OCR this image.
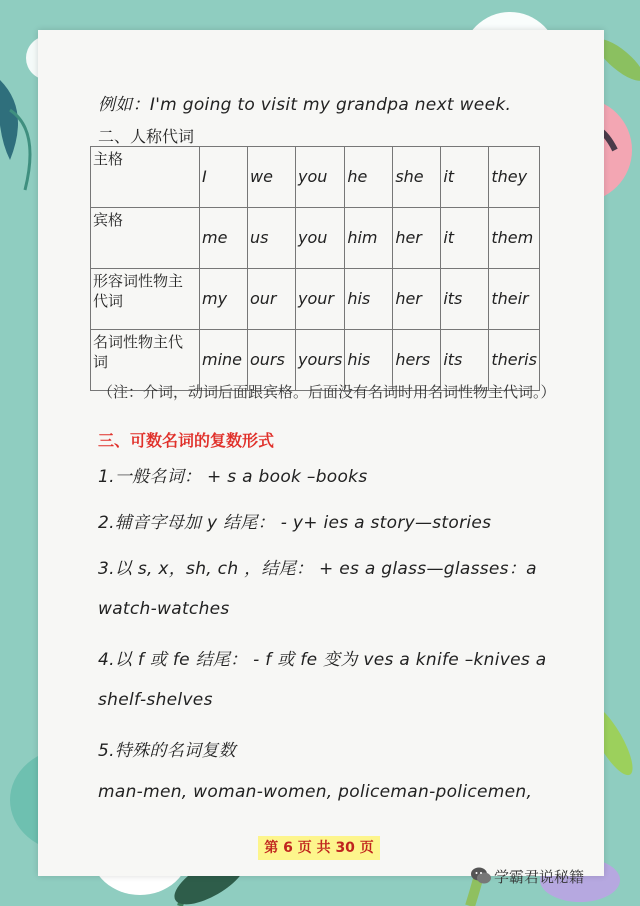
例如：I'm going to visit my grandpa next week.
二、人称代词
主格	I	we	you	he	she	it	they
宾格	me	us	you	him	her	it	them
形容词性物主代词	my	our	your	his	her	its	their
名词性物主代词	mine	ours	yours	his	hers	its	theris
（注：介词，动词后面跟宾格。后面没有名词时用名词性物主代词。）
三、可数名词的复数形式
1.一般名词： + s a book –books
2.辅音字母加 y 结尾： - y+ ies a story—stories
3.以 s, x，sh, ch ，结尾： + es a glass—glasses：a
watch-watches
4.以 f 或 fe 结尾： - f 或 fe 变为 ves a knife –knives a
shelf-shelves
5.特殊的名词复数
man-men, woman-women, policeman-policemen,
第 6 页 共 30 页
学霸君说秘籍
